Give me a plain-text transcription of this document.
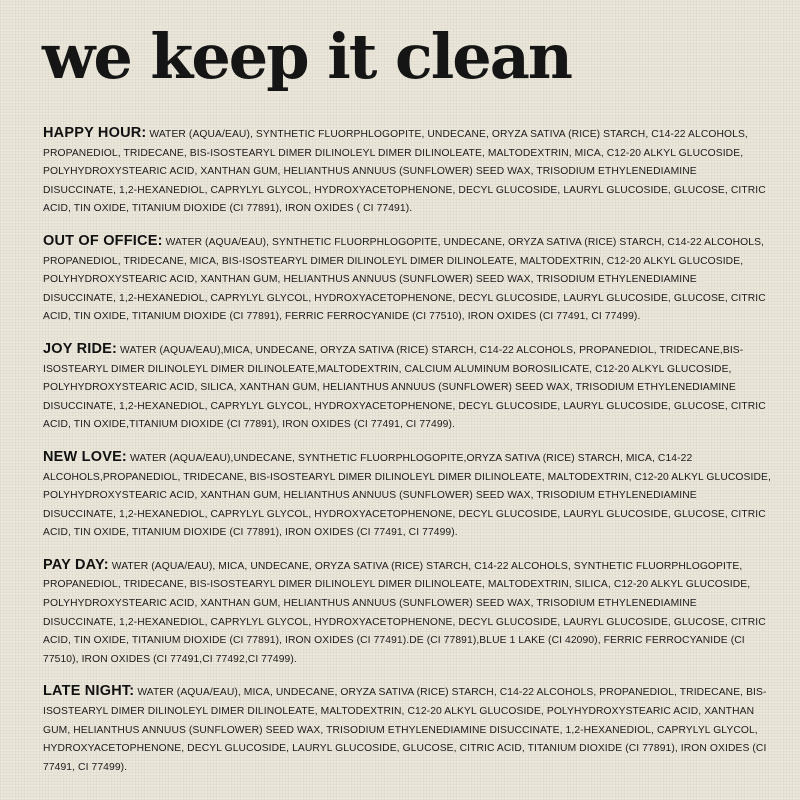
we keep it clean

HAPPY HOUR: WATER (AQUA/EAU), SYNTHETIC FLUORPHLOGOPITE, UNDECANE, ORYZA SATIVA (RICE) STARCH, C14-22 ALCOHOLS, PROPANEDIOL, TRIDECANE, BIS-ISOSTEARYL DIMER DILINOLEYL DIMER DILINOLEATE, MALTODEXTRIN, MICA, C12-20 ALKYL GLUCOSIDE, POLYHYDROXYSTEARIC ACID, XANTHAN GUM, HELIANTHUS ANNUUS (SUNFLOWER) SEED WAX, TRISODIUM ETHYLENEDIAMINE DISUCCINATE, 1,2-HEXANEDIOL, CAPRYLYL GLYCOL, HYDROXYACETOPHENONE, DECYL GLUCOSIDE, LAURYL GLUCOSIDE, GLUCOSE, CITRIC ACID, TIN OXIDE, TITANIUM DIOXIDE (CI 77891), IRON OXIDES ( CI 77491).

OUT OF OFFICE: WATER (AQUA/EAU), SYNTHETIC FLUORPHLOGOPITE, UNDECANE, ORYZA SATIVA (RICE) STARCH, C14-22 ALCOHOLS, PROPANEDIOL, TRIDECANE, MICA, BIS-ISOSTEARYL DIMER DILINOLEYL DIMER DILINOLEATE, MALTODEXTRIN, C12-20 ALKYL GLUCOSIDE, POLYHYDROXYSTEARIC ACID, XANTHAN GUM, HELIANTHUS ANNUUS (SUNFLOWER) SEED WAX, TRISODIUM ETHYLENEDIAMINE DISUCCINATE, 1,2-HEXANEDIOL, CAPRYLYL GLYCOL, HYDROXYACETOPHENONE, DECYL GLUCOSIDE, LAURYL GLUCOSIDE, GLUCOSE, CITRIC ACID, TIN OXIDE, TITANIUM DIOXIDE (CI 77891), FERRIC FERROCYANIDE (CI 77510), IRON OXIDES (CI 77491, CI 77499).

JOY RIDE: WATER (AQUA/EAU),MICA, UNDECANE, ORYZA SATIVA (RICE) STARCH, C14-22 ALCOHOLS, PROPANEDIOL, TRIDECANE,BIS-ISOSTEARYL DIMER DILINOLEYL DIMER DILINOLEATE,MALTODEXTRIN, CALCIUM ALUMINUM BOROSILICATE, C12-20 ALKYL GLUCOSIDE, POLYHYDROXYSTEARIC ACID, SILICA, XANTHAN GUM, HELIANTHUS ANNUUS (SUNFLOWER) SEED WAX, TRISODIUM ETHYLENEDIAMINE DISUCCINATE, 1,2-HEXANEDIOL, CAPRYLYL GLYCOL, HYDROXYACETOPHENONE, DECYL GLUCOSIDE, LAURYL GLUCOSIDE, GLUCOSE, CITRIC ACID, TIN OXIDE,TITANIUM DIOXIDE (CI 77891), IRON OXIDES (CI 77491, CI 77499).

NEW LOVE: WATER (AQUA/EAU),UNDECANE, SYNTHETIC FLUORPHLOGOPITE,ORYZA SATIVA (RICE) STARCH, MICA, C14-22 ALCOHOLS,PROPANEDIOL, TRIDECANE, BIS-ISOSTEARYL DIMER DILINOLEYL DIMER DILINOLEATE, MALTODEXTRIN, C12-20 ALKYL GLUCOSIDE, POLYHYDROXYSTEARIC ACID, XANTHAN GUM, HELIANTHUS ANNUUS (SUNFLOWER) SEED WAX, TRISODIUM ETHYLENEDIAMINE DISUCCINATE, 1,2-HEXANEDIOL, CAPRYLYL GLYCOL, HYDROXYACETOPHENONE, DECYL GLUCOSIDE, LAURYL GLUCOSIDE, GLUCOSE, CITRIC ACID, TIN OXIDE, TITANIUM DIOXIDE (CI 77891), IRON OXIDES (CI 77491, CI 77499).

PAY DAY: WATER (AQUA/EAU), MICA, UNDECANE, ORYZA SATIVA (RICE) STARCH, C14-22 ALCOHOLS, SYNTHETIC FLUORPHLOGOPITE, PROPANEDIOL, TRIDECANE, BIS-ISOSTEARYL DIMER DILINOLEYL DIMER DILINOLEATE, MALTODEXTRIN, SILICA, C12-20 ALKYL GLUCOSIDE, POLYHYDROXYSTEARIC ACID, XANTHAN GUM, HELIANTHUS ANNUUS (SUNFLOWER) SEED WAX, TRISODIUM ETHYLENEDIAMINE DISUCCINATE, 1,2-HEXANEDIOL, CAPRYLYL GLYCOL, HYDROXYACETOPHENONE, DECYL GLUCOSIDE, LAURYL GLUCOSIDE, GLUCOSE, CITRIC ACID, TIN OXIDE, TITANIUM DIOXIDE (CI 77891), IRON OXIDES (CI 77491).DE (CI 77891),BLUE 1 LAKE (CI 42090), FERRIC FERROCYANIDE (CI 77510), IRON OXIDES (CI 77491,CI 77492,CI 77499).

LATE NIGHT: WATER (AQUA/EAU), MICA, UNDECANE, ORYZA SATIVA (RICE) STARCH, C14-22 ALCOHOLS, PROPANEDIOL, TRIDECANE, BIS-ISOSTEARYL DIMER DILINOLEYL DIMER DILINOLEATE, MALTODEXTRIN, C12-20 ALKYL GLUCOSIDE, POLYHYDROXYSTEARIC ACID, XANTHAN GUM, HELIANTHUS ANNUUS (SUNFLOWER) SEED WAX, TRISODIUM ETHYLENEDIAMINE DISUCCINATE, 1,2-HEXANEDIOL, CAPRYLYL GLYCOL, HYDROXYACETOPHENONE, DECYL GLUCOSIDE, LAURYL GLUCOSIDE, GLUCOSE, CITRIC ACID, TITANIUM DIOXIDE (CI 77891), IRON OXIDES (CI 77491, CI 77499).
